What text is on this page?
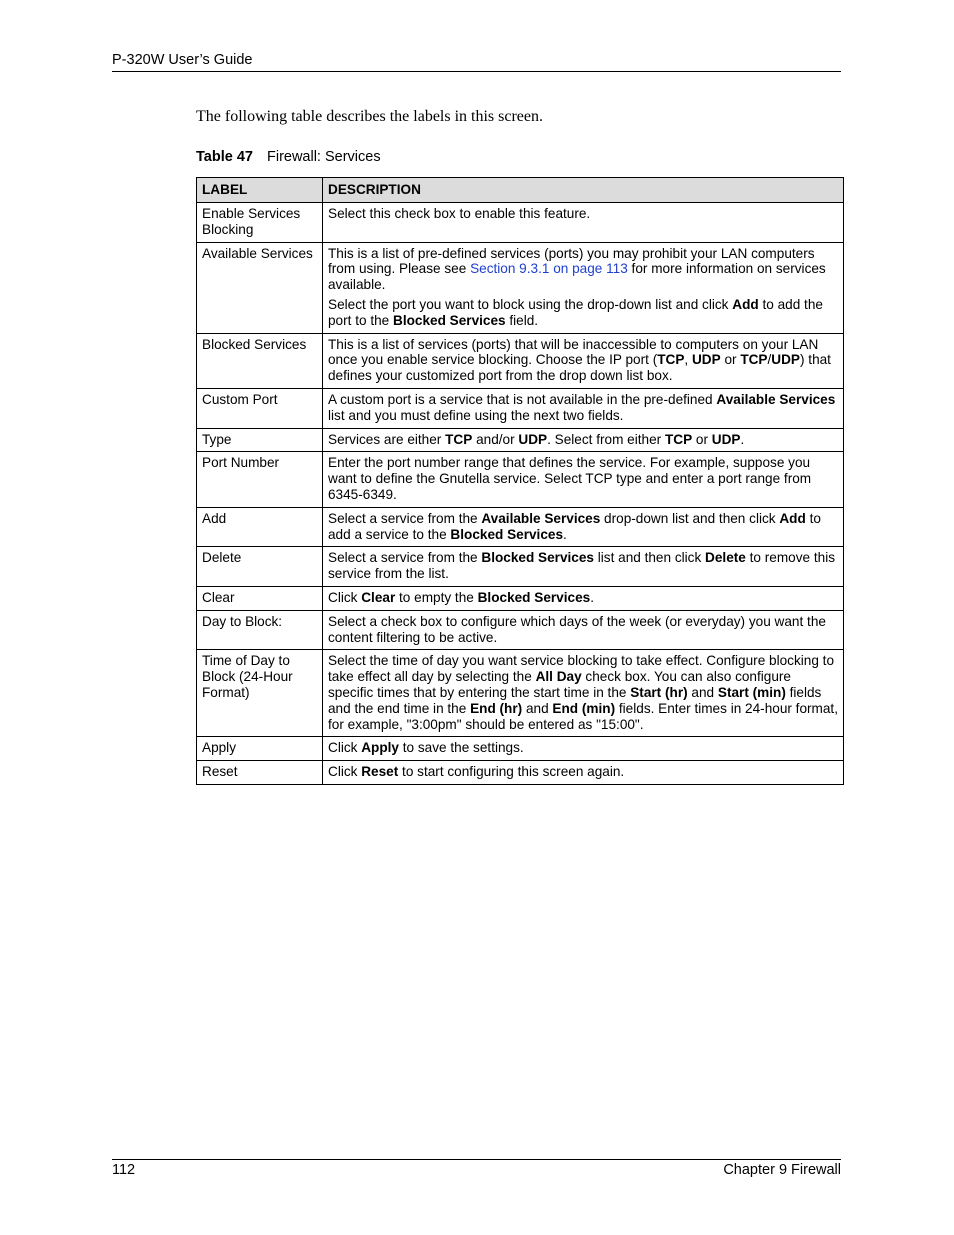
P-320W User’s Guide
The following table describes the labels in this screen.
Table 47 Firewall: Services
LABEL	DESCRIPTION
Enable Services Blocking	Select this check box to enable this feature.

Available Services	This is a list of pre-defined services (ports) you may prohibit your LAN computers from using. Please see Section 9.3.1 on page 113 for more information on services available.

Select the port you want to block using the drop-down list and click Add to add the port to the Blocked Services field.

Blocked Services	This is a list of services (ports) that will be inaccessible to computers on your LAN once you enable service blocking. Choose the IP port (TCP, UDP or TCP/UDP) that defines your customized port from the drop down list box.

Custom Port	A custom port is a service that is not available in the pre-defined Available Services list and you must define using the next two fields.

Type	Services are either TCP and/or UDP. Select from either TCP or UDP.

Port Number	Enter the port number range that defines the service. For example, suppose you want to define the Gnutella service. Select TCP type and enter a port range from 6345-6349.

Add	Select a service from the Available Services drop-down list and then click Add to add a service to the Blocked Services.

Delete	Select a service from the Blocked Services list and then click Delete to remove this service from the list.

Clear	Click Clear to empty the Blocked Services.

Day to Block:	Select a check box to configure which days of the week (or everyday) you want the content filtering to be active.

Time of Day to Block (24-Hour Format)	Select the time of day you want service blocking to take effect. Configure blocking to take effect all day by selecting the All Day check box. You can also configure specific times that by entering the start time in the Start (hr) and Start (min) fields and the end time in the End (hr) and End (min) fields. Enter times in 24-hour format, for example, "3:00pm" should be entered as "15:00".

Apply	Click Apply to save the settings.

Reset	Click Reset to start configuring this screen again.

112	Chapter 9 Firewall
